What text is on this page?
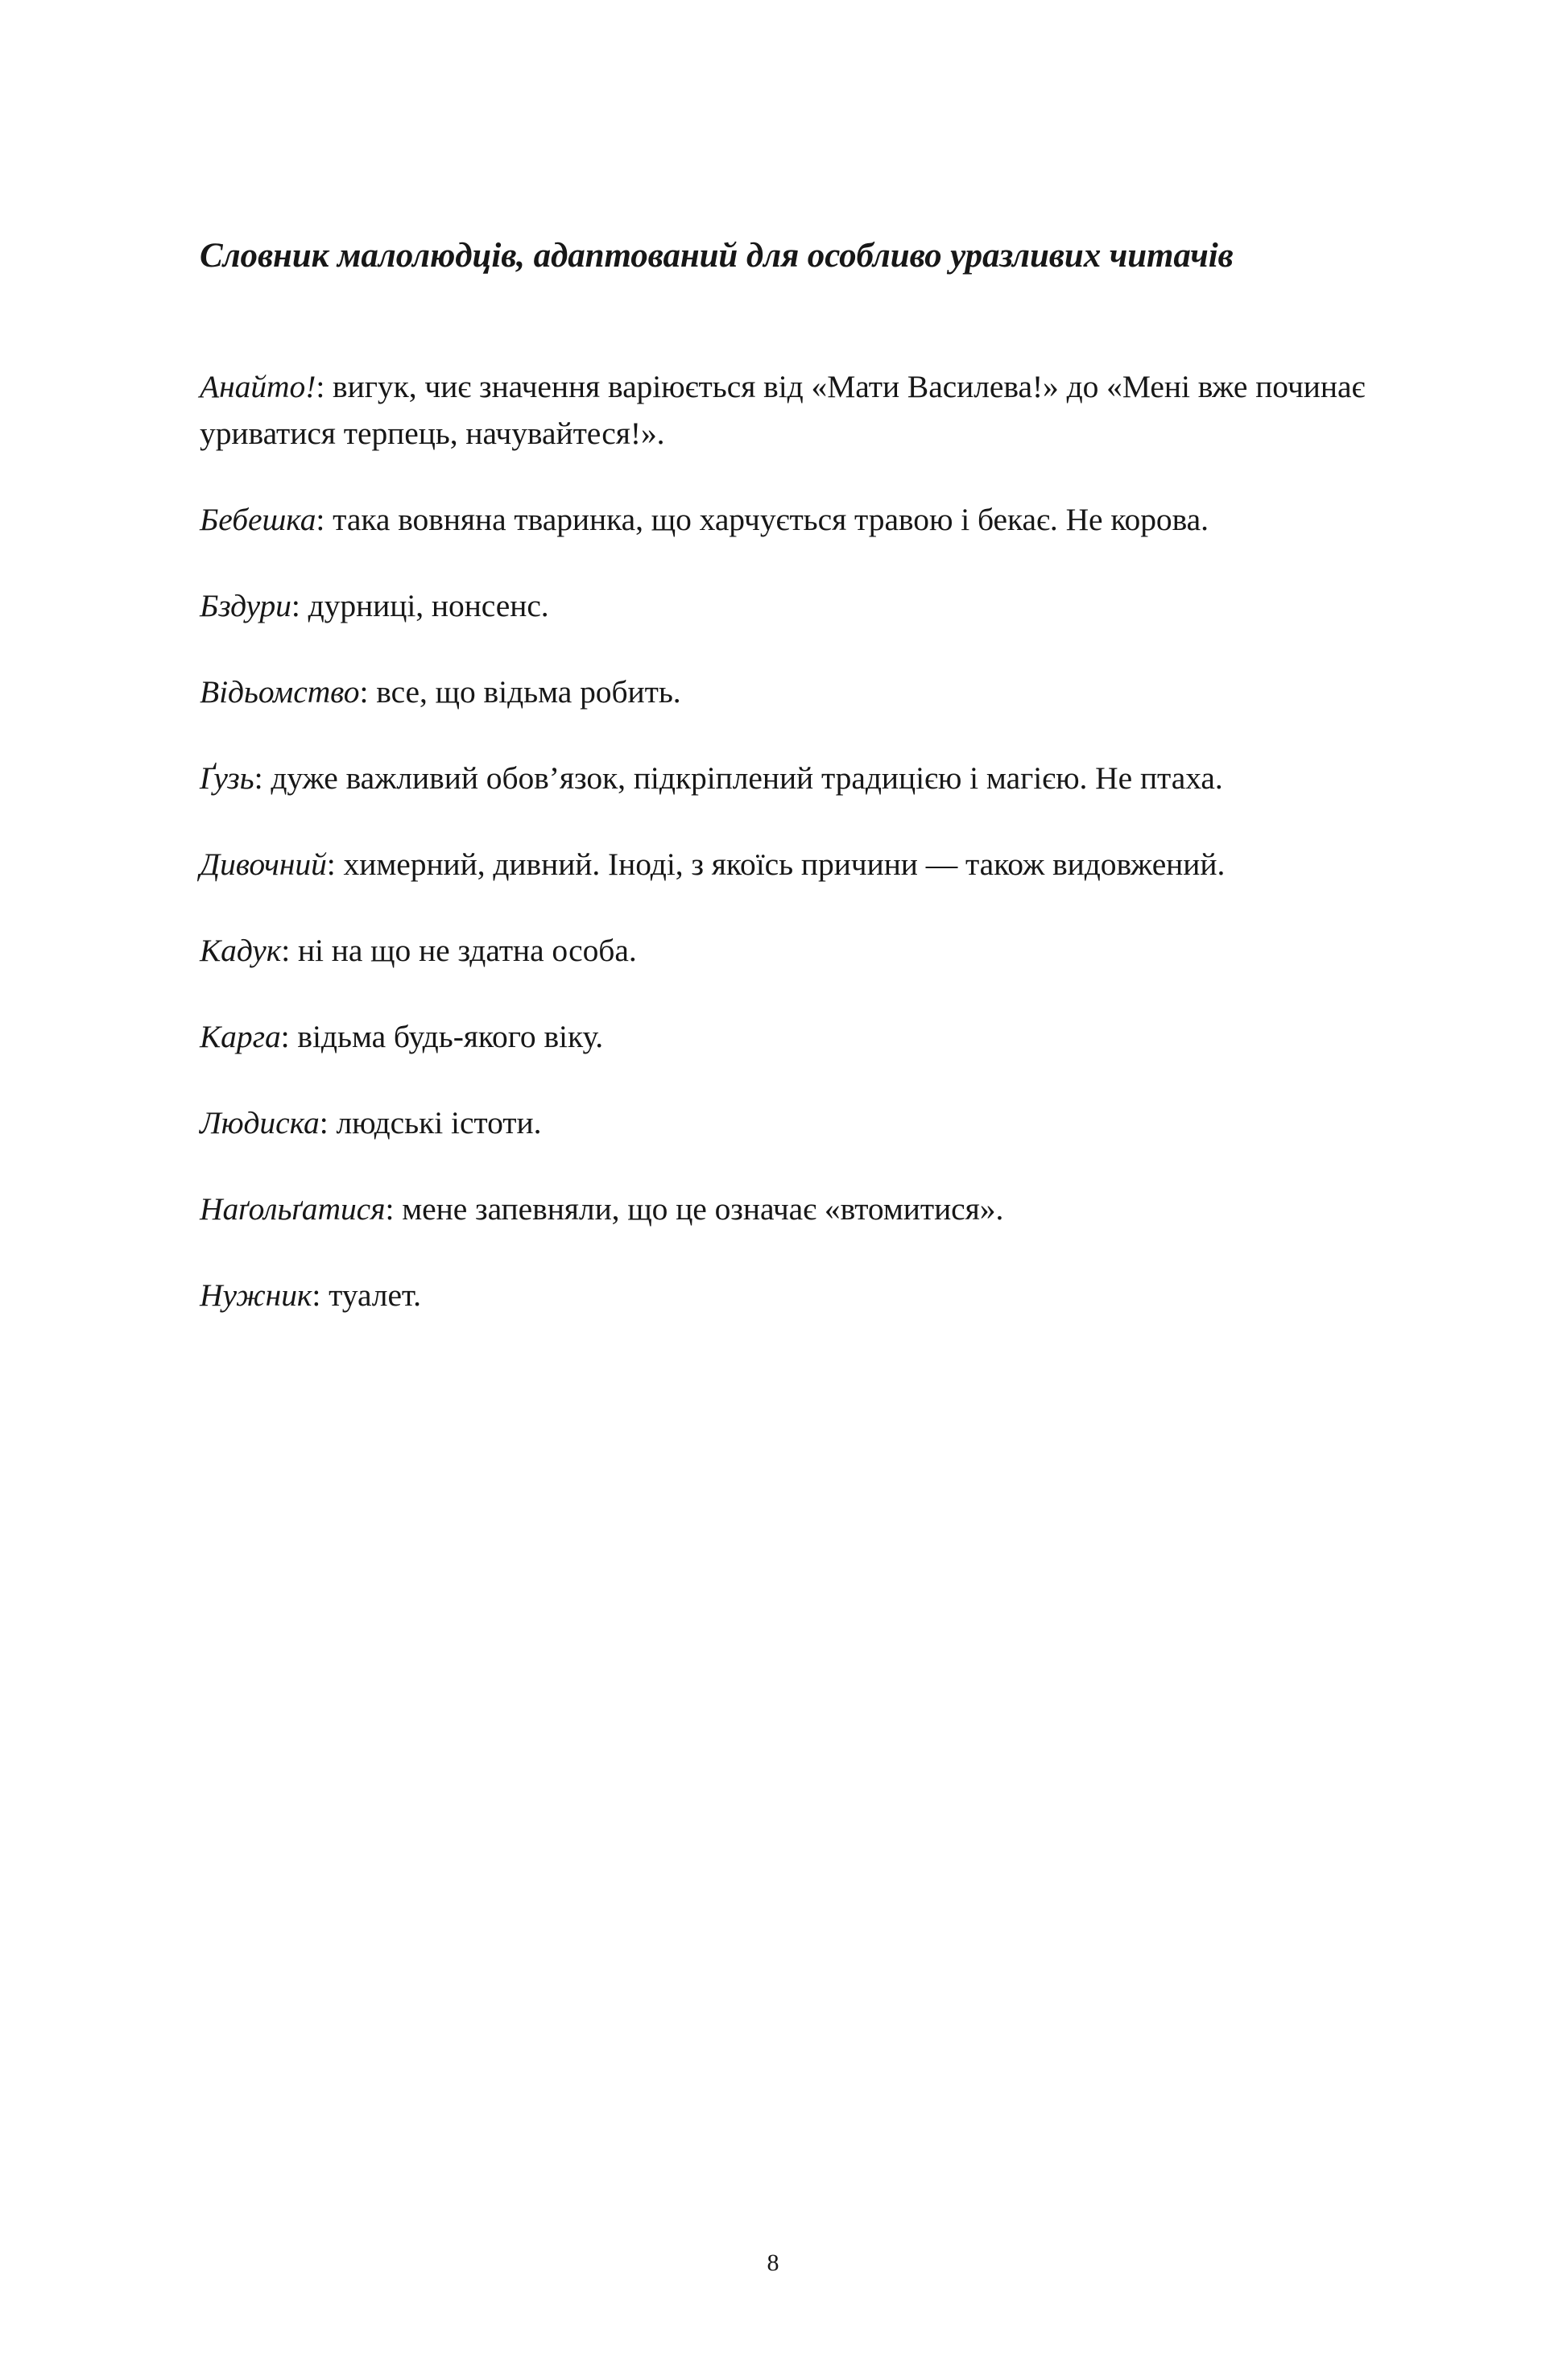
Словник малолюдців, адаптований для особливо уразливих читачів

Анайто!: вигук, чиє значення варіюється від «Мати Василева!» до «Мені вже починає уриватися терпець, начувайтеся!».

Бебешка: така вовняна тваринка, що харчується травою і бекає. Не корова.

Бздури: дурниці, нонсенс.

Відьомство: все, що відьма робить.

Ґузь: дуже важливий обов’язок, підкріплений традицією і магією. Не птаха.

Дивочний: химерний, дивний. Іноді, з якоїсь причини — також видовжений.

Кадук: ні на що не здатна особа.

Карга: відьма будь-якого віку.

Людиска: людські істоти.

Наґольґатися: мене запевняли, що це означає «втомитися».

Нужник: туалет.

8
